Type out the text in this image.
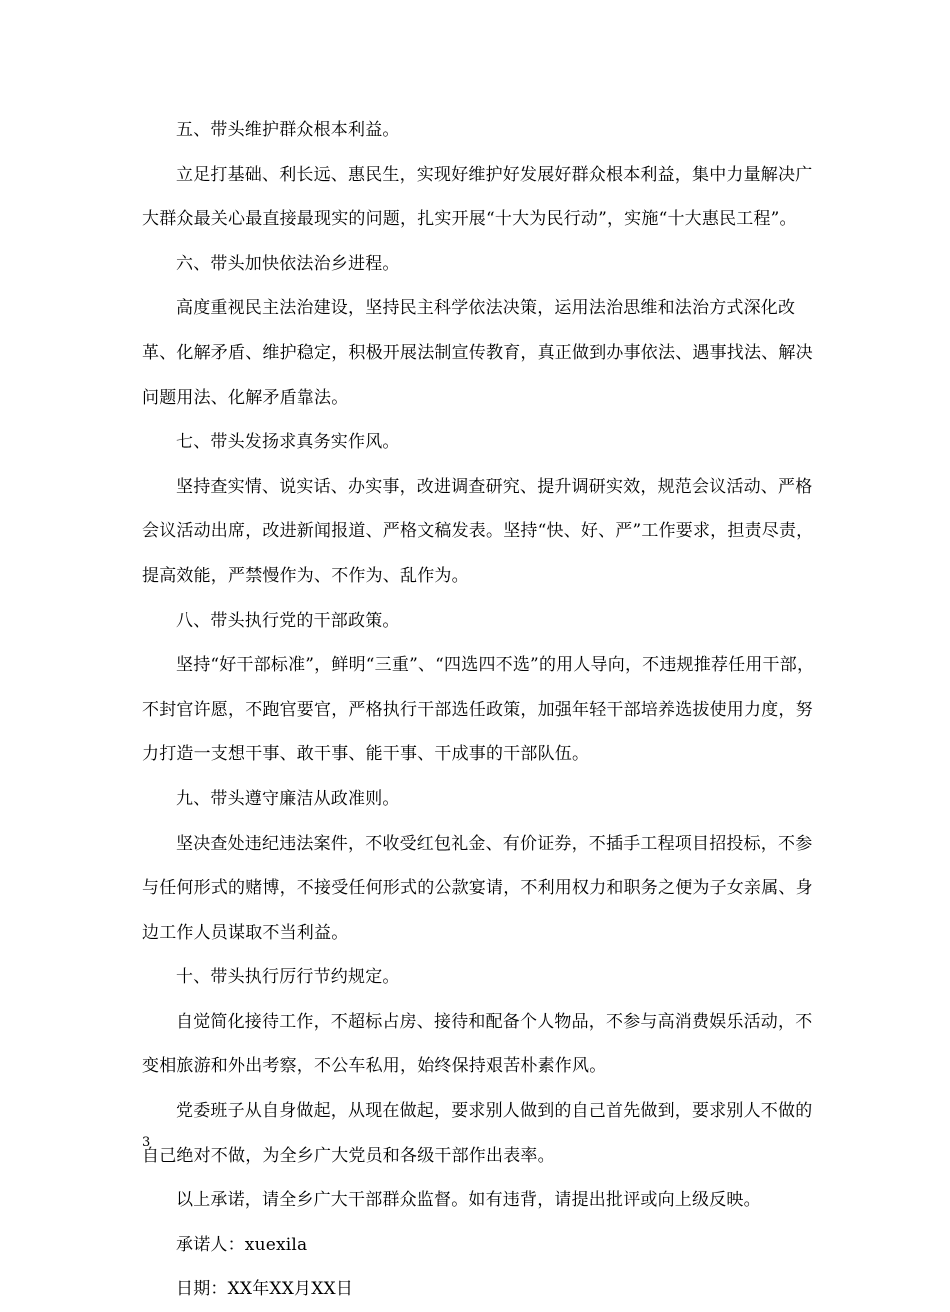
五、带头维护群众根本利益。

立足打基础、利长远、惠民生，实现好维护好发展好群众根本利益，集中力量解决广大群众最关心最直接最现实的问题，扎实开展“十大为民行动”，实施“十大惠民工程”。

六、带头加快依法治乡进程。

高度重视民主法治建设，坚持民主科学依法决策，运用法治思维和法治方式深化改革、化解矛盾、维护稳定，积极开展法制宣传教育，真正做到办事依法、遇事找法、解决问题用法、化解矛盾靠法。

七、带头发扬求真务实作风。

坚持查实情、说实话、办实事，改进调查研究、提升调研实效，规范会议活动、严格会议活动出席，改进新闻报道、严格文稿发表。坚持“快、好、严”工作要求，担责尽责，提高效能，严禁慢作为、不作为、乱作为。

八、带头执行党的干部政策。

坚持“好干部标准”，鲜明“三重”、“四选四不选”的用人导向，不违规推荐任用干部，不封官许愿，不跑官要官，严格执行干部选任政策，加强年轻干部培养选拔使用力度，努力打造一支想干事、敢干事、能干事、干成事的干部队伍。

九、带头遵守廉洁从政准则。

坚决查处违纪违法案件，不收受红包礼金、有价证券，不插手工程项目招投标，不参与任何形式的赌博，不接受任何形式的公款宴请，不利用权力和职务之便为子女亲属、身边工作人员谋取不当利益。

十、带头执行厉行节约规定。

自觉简化接待工作，不超标占房、接待和配备个人物品，不参与高消费娱乐活动，不变相旅游和外出考察，不公车私用，始终保持艰苦朴素作风。

党委班子从自身做起，从现在做起，要求别人做到的自己首先做到，要求别人不做的自己绝对不做，为全乡广大党员和各级干部作出表率。

以上承诺，请全乡广大干部群众监督。如有违背，请提出批评或向上级反映。

承诺人：xuexila

日期：XX年XX月XX日

3
